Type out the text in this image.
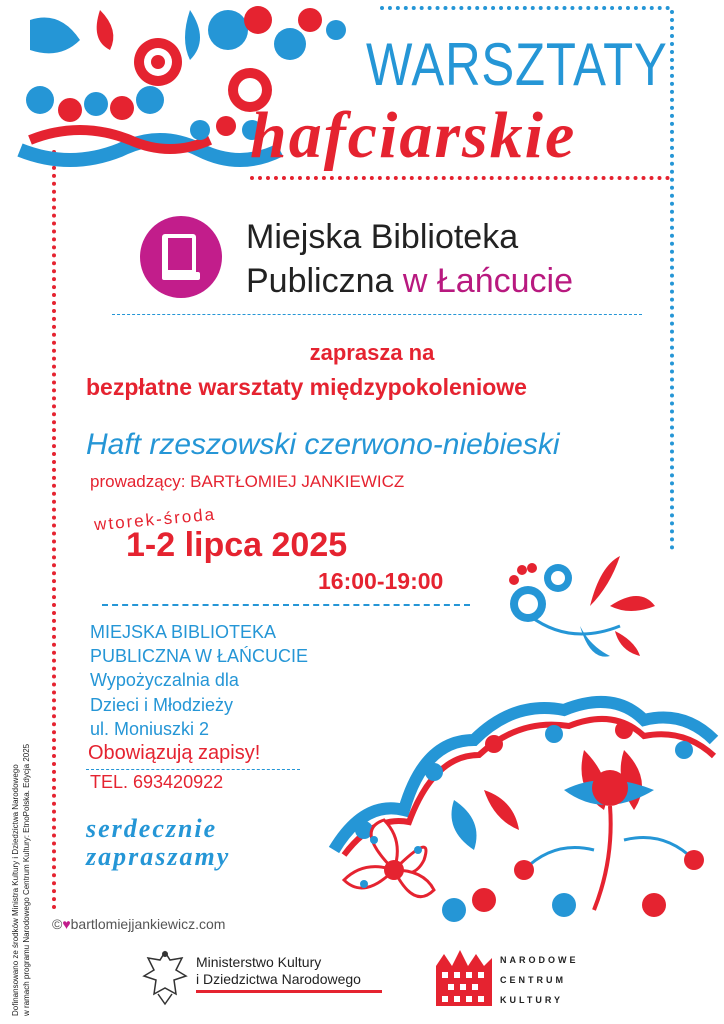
WARSZTATY
hafciarskie
Miejska Biblioteka
Publiczna w Łańcucie
zaprasza na
bezpłatne warsztaty międzypokoleniowe
Haft rzeszowski czerwono-niebieski
prowadzący: BARTŁOMIEJ JANKIEWICZ
wtorek-środa
1-2 lipca 2025
16:00-19:00
MIEJSKA BIBLIOTEKA
PUBLICZNA W ŁAŃCUCIE
Wypożyczalnia dla
Dzieci i Młodzieży
ul. Moniuszki 2
Obowiązują zapisy!
TEL. 693420922
serdecznie
zapraszamy

Dofinansowano ze środków Ministra Kultury i Dziedzictwa Narodowego w ramach programu Narodowego Centrum Kultury: EtnoPolska. Edycja 2025 ©♥bartlomiejjankiewicz.com
Ministerstwo Kultury
i Dziedzictwa Narodowego
NARODOWE
CENTRUM
KULTURY
